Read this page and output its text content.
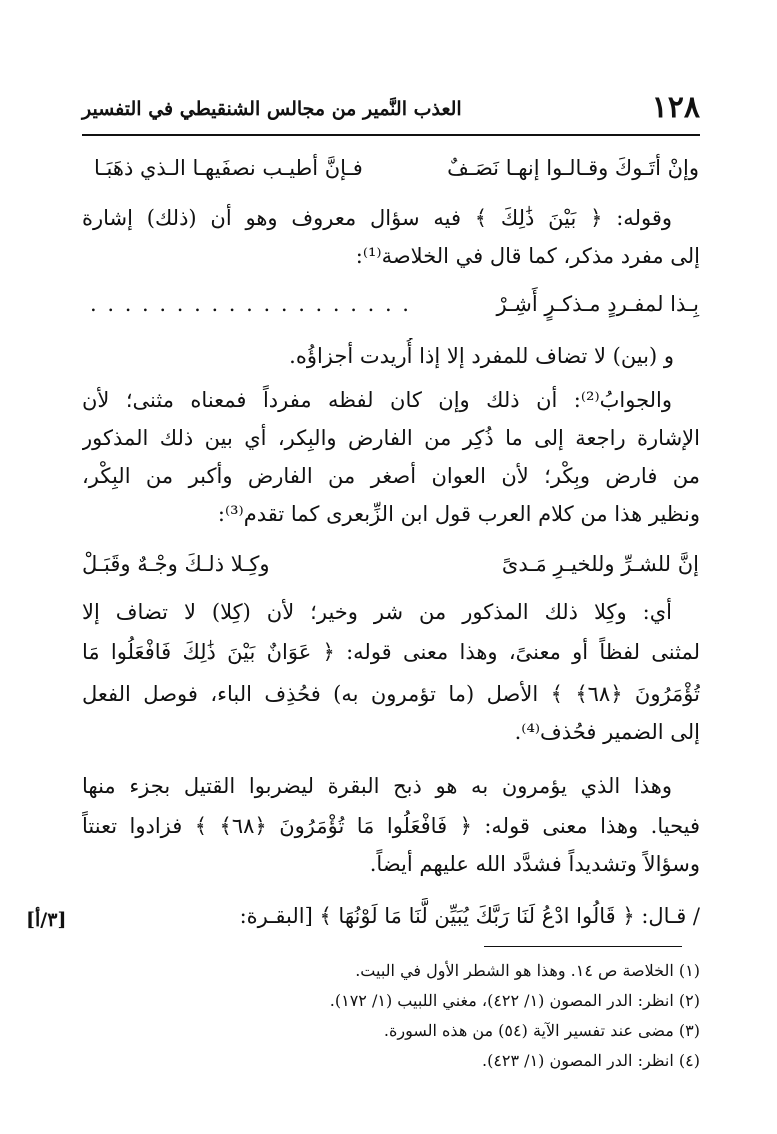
١٢٨
العذب النَّمير من مجالس الشنقيطي في التفسير
وإنْ أتَـوكَ وقـالـوا إنهـا نَصَـفٌ
فـإنَّ أطيـب نصفَيهـا الـذي ذهَبَـا
وقوله: ﴿ بَيْنَ ذَٰلِكَ ﴾ فيه سؤال معروف وهو أن (ذلك) إشارة
إلى مفرد مذكر، كما قال في الخلاصة⁽¹⁾:
بِـذا لمفـردٍ مـذكـرٍ أَشِـرْ
. . . . . . . . . . . . . . . . . . .
و (بين) لا تضاف للمفرد إلا إذا أُريدت أجزاؤُه.
والجوابُ⁽²⁾: أن ذلك وإن كان لفظه مفرداً فمعناه مثنى؛ لأن
الإشارة راجعة إلى ما ذُكِر من الفارض والبِكر، أي بين ذلك المذكور
من فارض وبِكْر؛ لأن العوان أصغر من الفارض وأكبر من البِكْر،
ونظير هذا من كلام العرب قول ابن الزِّبعرى كما تقدم⁽³⁾:
إنَّ للشـرِّ وللخيـرِ مَـدىً
وكِـلا ذلـكَ وجْـهٌ وقَبَـلْ
أي: وكِلا ذلك المذكور من شر وخير؛ لأن (كِلا) لا تضاف إلا
لمثنى لفظاً أو معنىً، وهذا معنى قوله: ﴿ عَوَانٌ بَيْنَ ذَٰلِكَ فَافْعَلُوا مَا
تُؤْمَرُونَ ﴿٦٨﴾ ﴾ الأصل (ما تؤمرون به) فحُذِف الباء، فوصل الفعل
إلى الضمير فحُذف⁽⁴⁾.
وهذا الذي يؤمرون به هو ذبح البقرة ليضربوا القتيل بجزء منها
فيحيا. وهذا معنى قوله: ﴿ فَافْعَلُوا مَا تُؤْمَرُونَ ﴿٦٨﴾ ﴾ فزادوا تعنتاً
وسؤالاً وتشديداً فشدَّد الله عليهم أيضاً.
/ قـال: ﴿ قَالُوا ادْعُ لَنَا رَبَّكَ يُبَيِّن لَّنَا مَا لَوْنُهَا ﴾ [البقـرة:
[٣/أ]
(١) الخلاصة ص ١٤. وهذا هو الشطر الأول في البيت.
(٢) انظر: الدر المصون (١/ ٤٢٢)، مغني اللبيب (١/ ١٧٢).
(٣) مضى عند تفسير الآية (٥٤) من هذه السورة.
(٤) انظر: الدر المصون (١/ ٤٢٣).
